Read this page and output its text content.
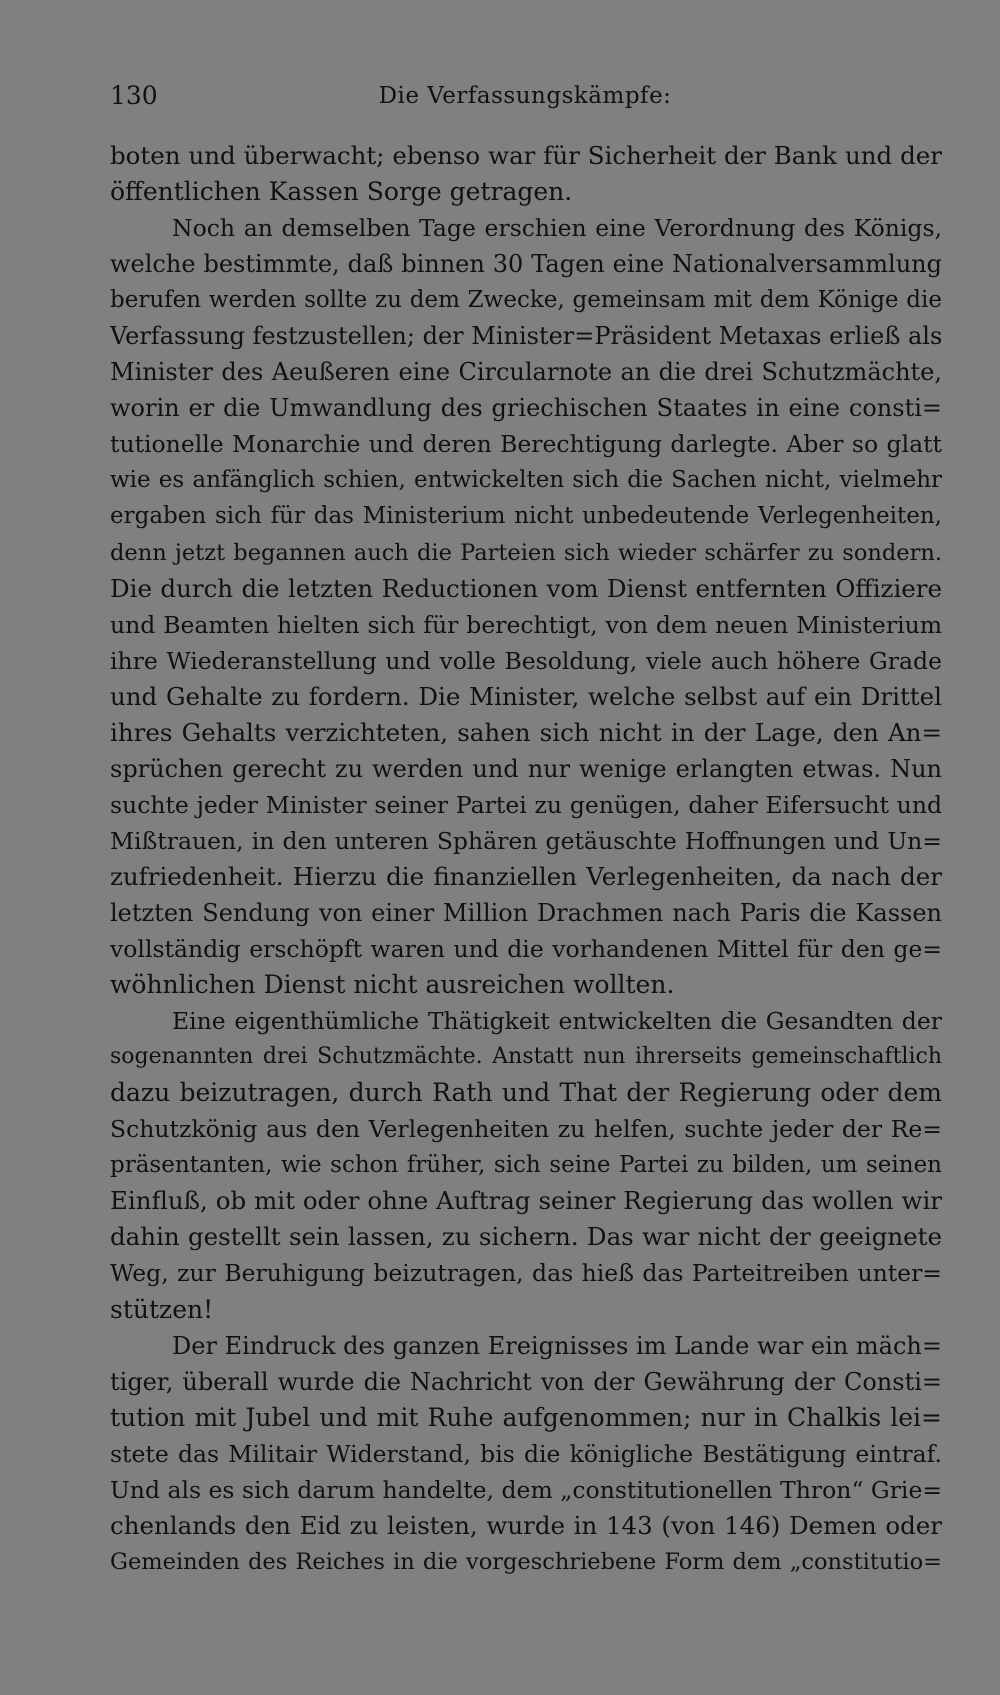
130	Die Verfassungskämpfe:
boten und überwacht; ebenso war für Sicherheit der Bank und der
öffentlichen Kassen Sorge getragen.
Noch an demselben Tage erschien eine Verordnung des Königs,
welche bestimmte, daß binnen 30 Tagen eine Nationalversammlung
berufen werden sollte zu dem Zwecke, gemeinsam mit dem Könige die
Verfassung festzustellen; der Minister=Präsident Metaxas erließ als
Minister des Aeußeren eine Circularnote an die drei Schutzmächte,
worin er die Umwandlung des griechischen Staates in eine consti=
tutionelle Monarchie und deren Berechtigung darlegte. Aber so glatt
wie es anfänglich schien, entwickelten sich die Sachen nicht, vielmehr
ergaben sich für das Ministerium nicht unbedeutende Verlegenheiten,
denn jetzt begannen auch die Parteien sich wieder schärfer zu sondern.
Die durch die letzten Reductionen vom Dienst entfernten Offiziere
und Beamten hielten sich für berechtigt, von dem neuen Ministerium
ihre Wiederanstellung und volle Besoldung, viele auch höhere Grade
und Gehalte zu fordern. Die Minister, welche selbst auf ein Drittel
ihres Gehalts verzichteten, sahen sich nicht in der Lage, den An=
sprüchen gerecht zu werden und nur wenige erlangten etwas. Nun
suchte jeder Minister seiner Partei zu genügen, daher Eifersucht und
Mißtrauen, in den unteren Sphären getäuschte Hoffnungen und Un=
zufriedenheit. Hierzu die finanziellen Verlegenheiten, da nach der
letzten Sendung von einer Million Drachmen nach Paris die Kassen
vollständig erschöpft waren und die vorhandenen Mittel für den ge=
wöhnlichen Dienst nicht ausreichen wollten.
Eine eigenthümliche Thätigkeit entwickelten die Gesandten der
sogenannten drei Schutzmächte. Anstatt nun ihrerseits gemeinschaftlich
dazu beizutragen, durch Rath und That der Regierung oder dem
Schutzkönig aus den Verlegenheiten zu helfen, suchte jeder der Re=
präsentanten, wie schon früher, sich seine Partei zu bilden, um seinen
Einfluß, ob mit oder ohne Auftrag seiner Regierung das wollen wir
dahin gestellt sein lassen, zu sichern. Das war nicht der geeignete
Weg, zur Beruhigung beizutragen, das hieß das Parteitreiben unter=
stützen!
Der Eindruck des ganzen Ereignisses im Lande war ein mäch=
tiger, überall wurde die Nachricht von der Gewährung der Consti=
tution mit Jubel und mit Ruhe aufgenommen; nur in Chalkis lei=
stete das Militair Widerstand, bis die königliche Bestätigung eintraf.
Und als es sich darum handelte, dem „constitutionellen Thron“ Grie=
chenlands den Eid zu leisten, wurde in 143 (von 146) Demen oder
Gemeinden des Reiches in die vorgeschriebene Form dem „constitutio=
